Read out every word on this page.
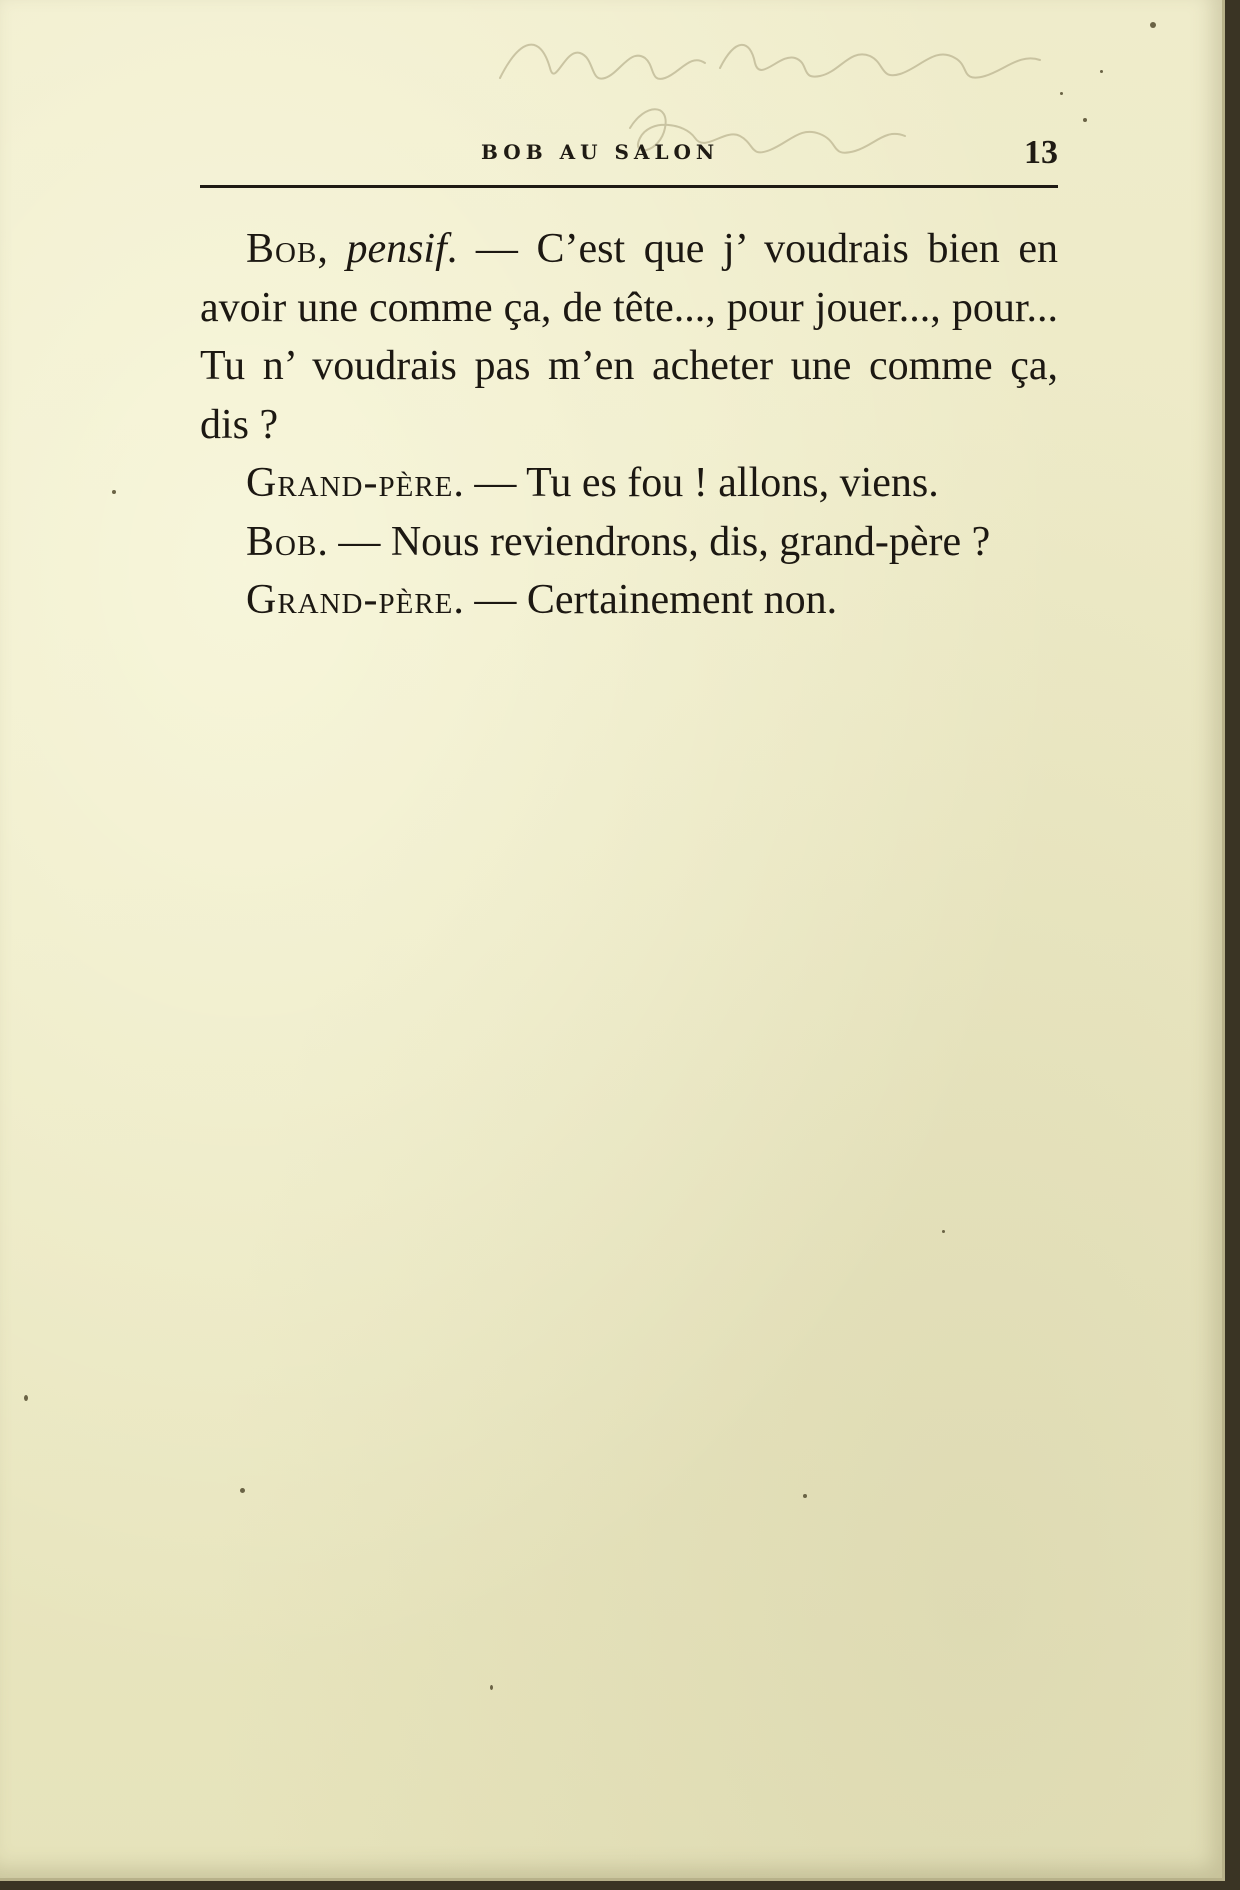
BOB AU SALON	13

Bob, pensif. — C’est que j’ voudrais bien en avoir une comme ça, de tête..., pour jouer..., pour... Tu n’ voudrais pas m’en acheter une comme ça, dis ?

Grand-père. — Tu es fou ! allons, viens.

Bob. — Nous reviendrons, dis, grand-père ?

Grand-père. — Certainement non.
